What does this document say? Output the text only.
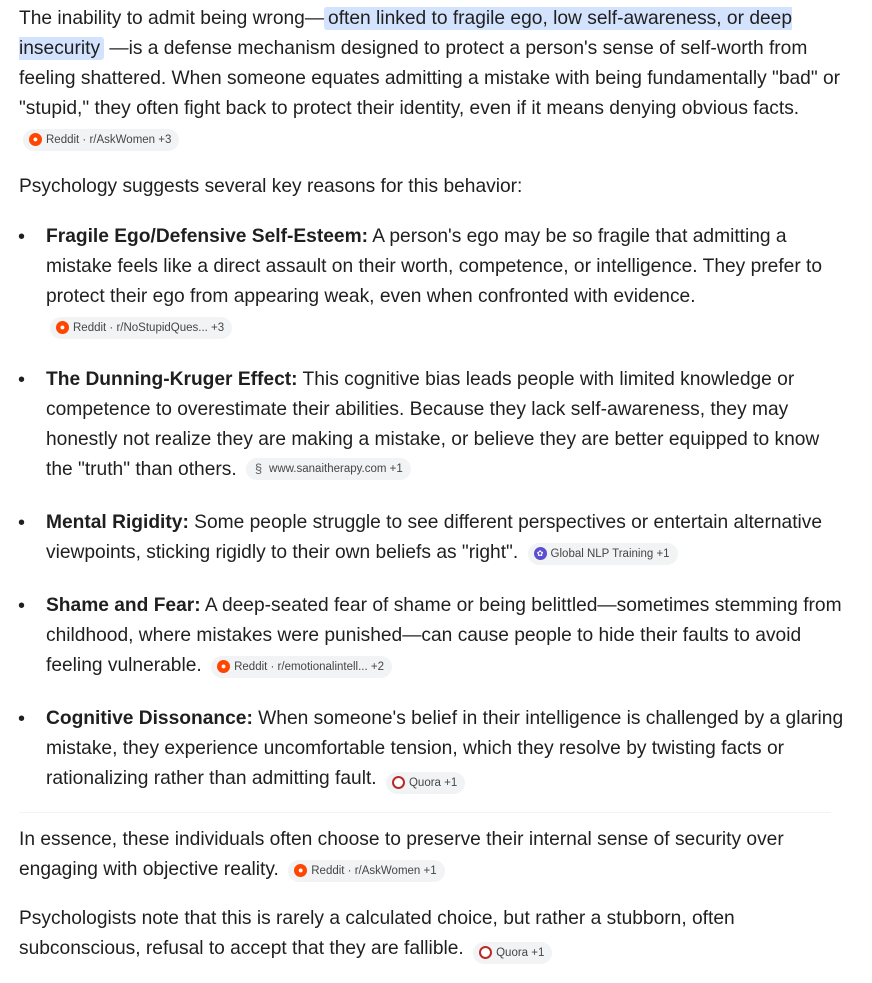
The inability to admit being wrong— often linked to fragile ego, low self-awareness, or deep insecurity —is a defense mechanism designed to protect a person's sense of self-worth from feeling shattered. When someone equates admitting a mistake with being fundamentally "bad" or "stupid," they often fight back to protect their identity, even if it means denying obvious facts.
● Reddit · r/AskWomen +3

Psychology suggests several key reasons for this behavior:

• Fragile Ego/Defensive Self-Esteem: A person's ego may be so fragile that admitting a mistake feels like a direct assault on their worth, competence, or intelligence. They prefer to protect their ego from appearing weak, even when confronted with evidence.
● Reddit · r/NoStupidQues... +3
• The Dunning-Kruger Effect: This cognitive bias leads people with limited knowledge or competence to overestimate their abilities. Because they lack self-awareness, they may honestly not realize they are making a mistake, or believe they are better equipped to know the "truth" than others. § www.sanaitherapy.com +1
• Mental Rigidity: Some people struggle to see different perspectives or entertain alternative viewpoints, sticking rigidly to their own beliefs as "right".	✿ Global NLP Training +1
• Shame and Fear: A deep-seated fear of shame or being belittled—sometimes stemming from childhood, where mistakes were punished—can cause people to hide their faults to avoid feeling vulnerable.	● Reddit · r/emotionalintell... +2
• Cognitive Dissonance: When someone's belief in their intelligence is challenged by a glaring mistake, they experience uncomfortable tension, which they resolve by twisting facts or rationalizing rather than admitting fault.	Quora +1

In essence, these individuals often choose to preserve their internal sense of security over engaging with objective reality.	● Reddit · r/AskWomen +1

Psychologists note that this is rarely a calculated choice, but rather a stubborn, often subconscious, refusal to accept that they are fallible.	Quora +1
